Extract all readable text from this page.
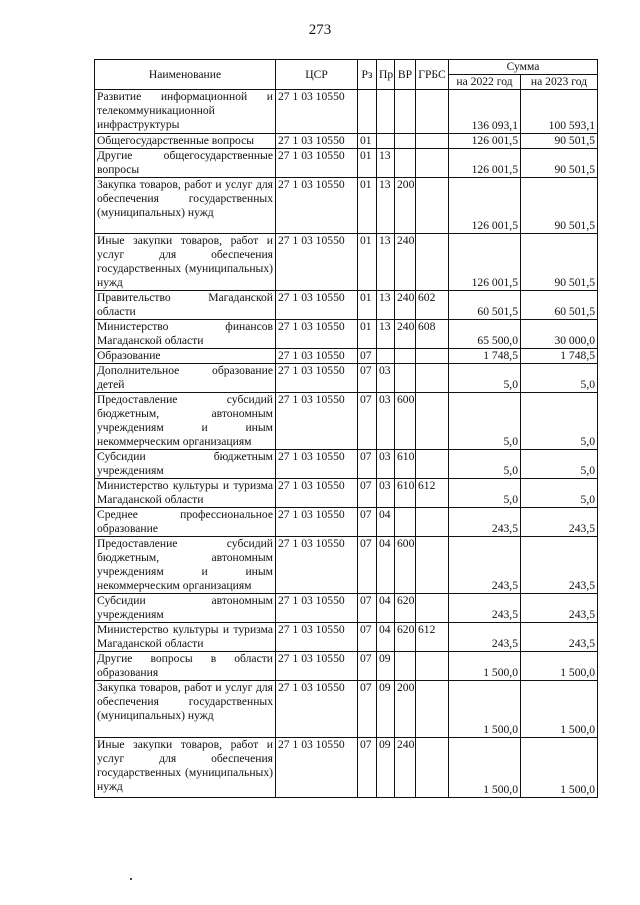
273
Наименование	ЦСР	Рз	Пр	ВР	ГРБС	Сумма	
						на 2022 год	на 2023 год
Развитие информационной и телекоммуникационной инфраструктуры	27 1 03 10550					136 093,1	100 593,1
Общегосударственные вопросы	27 1 03 10550	01				126 001,5	90 501,5
Другие общегосударственные вопросы	27 1 03 10550	01	13			126 001,5	90 501,5
Закупка товаров, работ и услуг для обеспечения государственных (муниципальных) нужд	27 1 03 10550	01	13	200		126 001,5	90 501,5
Иные закупки товаров, работ и услуг для обеспечения государственных (муниципальных) нужд	27 1 03 10550	01	13	240		126 001,5	90 501,5
Правительство Магаданской области	27 1 03 10550	01	13	240	602	60 501,5	60 501,5
Министерство финансов Магаданской области	27 1 03 10550	01	13	240	608	65 500,0	30 000,0
Образование	27 1 03 10550	07				1 748,5	1 748,5
Дополнительное образование детей	27 1 03 10550	07	03			5,0	5,0
Предоставление субсидий бюджетным, автономным учреждениям и иным некоммерческим организациям	27 1 03 10550	07	03	600		5,0	5,0
Субсидии бюджетным учреждениям	27 1 03 10550	07	03	610		5,0	5,0
Министерство культуры и туризма Магаданской области	27 1 03 10550	07	03	610	612	5,0	5,0
Среднее профессиональное образование	27 1 03 10550	07	04			243,5	243,5
Предоставление субсидий бюджетным, автономным учреждениям и иным некоммерческим организациям	27 1 03 10550	07	04	600		243,5	243,5
Субсидии автономным учреждениям	27 1 03 10550	07	04	620		243,5	243,5
Министерство культуры и туризма Магаданской области	27 1 03 10550	07	04	620	612	243,5	243,5
Другие вопросы в области образования	27 1 03 10550	07	09			1 500,0	1 500,0
Закупка товаров, работ и услуг для обеспечения государственных (муниципальных) нужд	27 1 03 10550	07	09	200		1 500,0	1 500,0
Иные закупки товаров, работ и услуг для обеспечения государственных (муниципальных) нужд	27 1 03 10550	07	09	240		1 500,0	1 500,0
